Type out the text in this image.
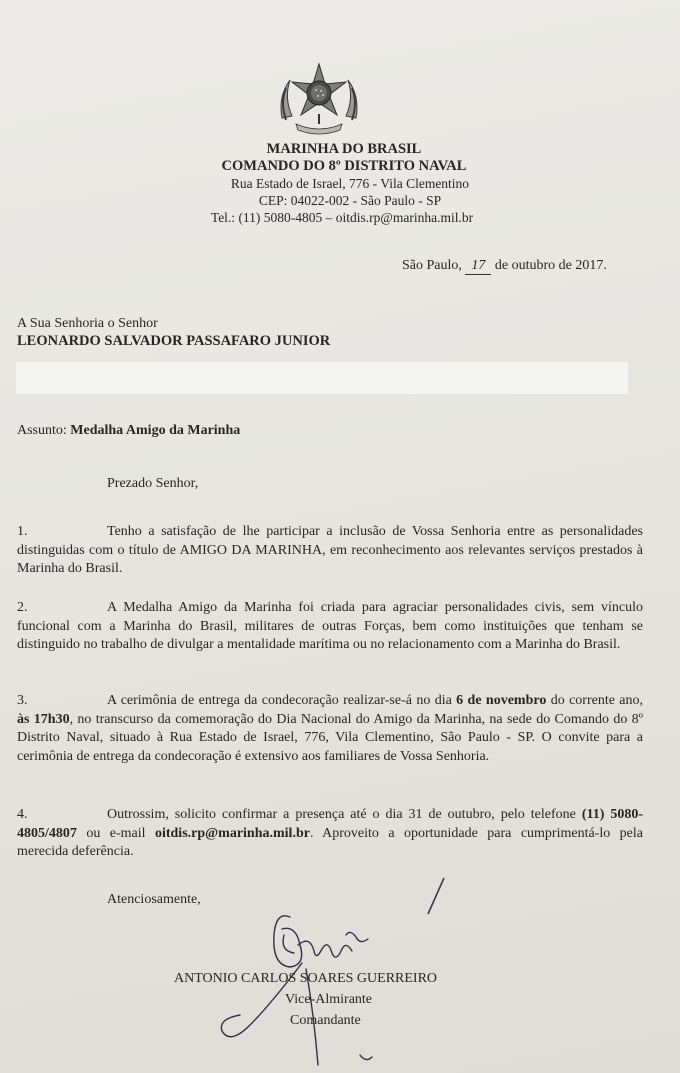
MARINHA DO BRASIL
COMANDO DO 8º DISTRITO NAVAL
Rua Estado de Israel, 776 - Vila Clementino
CEP: 04022-002 - São Paulo - SP
Tel.: (11) 5080-4805 – oitdis.rp@marinha.mil.br
São Paulo, 17 de outubro de 2017.
A Sua Senhoria o Senhor
LEONARDO SALVADOR PASSAFARO JUNIOR
Assunto: Medalha Amigo da Marinha
Prezado Senhor,
1.	Tenho a satisfação de lhe participar a inclusão de Vossa Senhoria entre as personalidades distinguidas com o título de AMIGO DA MARINHA, em reconhecimento aos relevantes serviços prestados à Marinha do Brasil.
2.	A Medalha Amigo da Marinha foi criada para agraciar personalidades civis, sem vínculo funcional com a Marinha do Brasil, militares de outras Forças, bem como instituições que tenham se distinguido no trabalho de divulgar a mentalidade marítima ou no relacionamento com a Marinha do Brasil.
3.	A cerimônia de entrega da condecoração realizar-se-á no dia 6 de novembro do corrente ano, às 17h30, no transcurso da comemoração do Dia Nacional do Amigo da Marinha, na sede do Comando do 8º Distrito Naval, situado à Rua Estado de Israel, 776, Vila Clementino, São Paulo - SP. O convite para a cerimônia de entrega da condecoração é extensivo aos familiares de Vossa Senhoria.
4.	Outrossim, solicito confirmar a presença até o dia 31 de outubro, pelo telefone (11) 5080-4805/4807 ou e-mail oitdis.rp@marinha.mil.br. Aproveito a oportunidade para cumprimentá-lo pela merecida deferência.
Atenciosamente,
ANTONIO CARLOS SOARES GUERREIRO
Vice-Almirante
Comandante
